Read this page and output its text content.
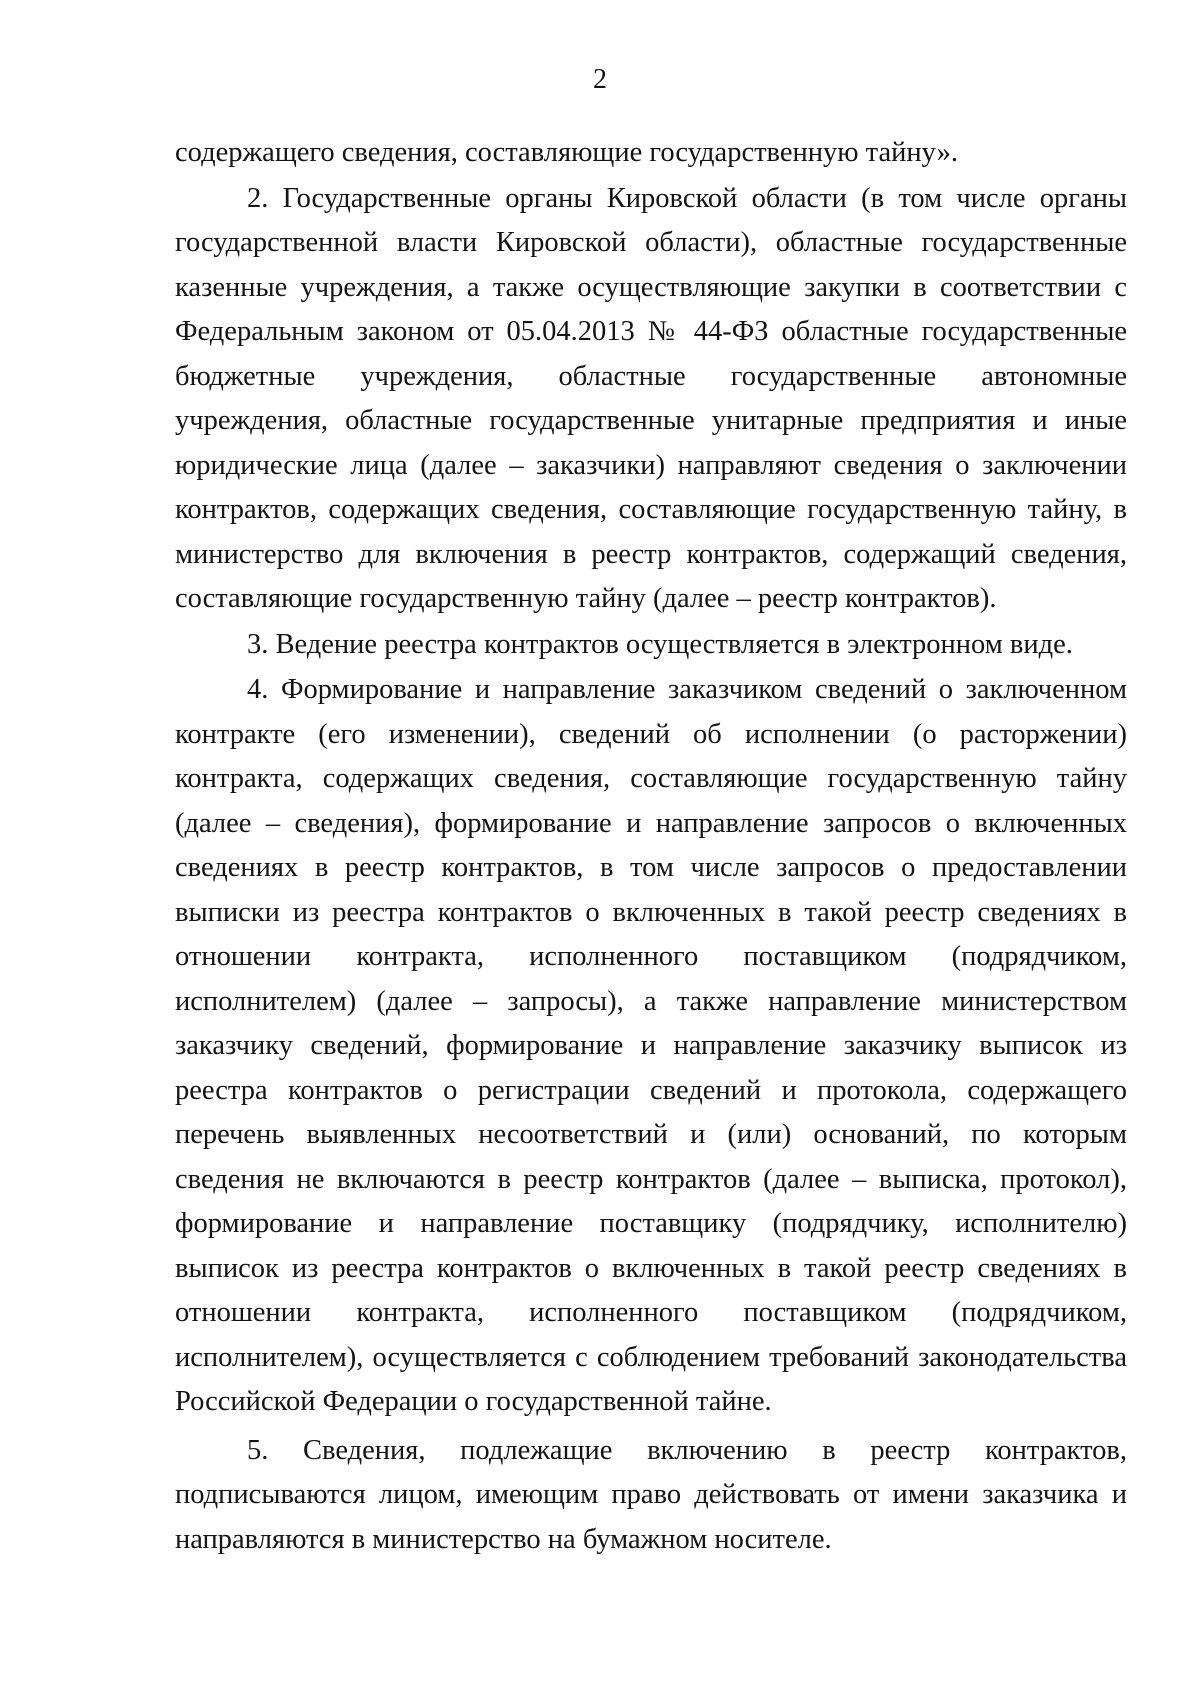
2

содержащего сведения, составляющие государственную тайну».

2. Государственные органы Кировской области (в том числе органы государственной власти Кировской области), областные государственные казенные учреждения, а также осуществляющие закупки в соответствии с Федеральным законом от 05.04.2013 № 44-ФЗ областные государственные бюджетные учреждения, областные государственные автономные учреждения, областные государственные унитарные предприятия и иные юридические лица (далее – заказчики) направляют сведения о заключении контрактов, содержащих сведения, составляющие государственную тайну, в министерство для включения в реестр контрактов, содержащий сведения, составляющие государственную тайну (далее – реестр контрактов).

3. Ведение реестра контрактов осуществляется в электронном виде.

4. Формирование и направление заказчиком сведений о заключенном контракте (его изменении), сведений об исполнении (о расторжении) контракта, содержащих сведения, составляющие государственную тайну (далее – сведения), формирование и направление запросов о включенных сведениях в реестр контрактов, в том числе запросов о предоставлении выписки из реестра контрактов о включенных в такой реестр сведениях в отношении контракта, исполненного поставщиком (подрядчиком, исполнителем) (далее – запросы), а также направление министерством заказчику сведений, формирование и направление заказчику выписок из реестра контрактов о регистрации сведений и протокола, содержащего перечень выявленных несоответствий и (или) оснований, по которым сведения не включаются в реестр контрактов (далее – выписка, протокол), формирование и направление поставщику (подрядчику, исполнителю) выписок из реестра контрактов о включенных в такой реестр сведениях в отношении контракта, исполненного поставщиком (подрядчиком, исполнителем), осуществляется с соблюдением требований законодательства Российской Федерации о государственной тайне.

5. Сведения, подлежащие включению в реестр контрактов, подписываются лицом, имеющим право действовать от имени заказчика и направляются в министерство на бумажном носителе.
